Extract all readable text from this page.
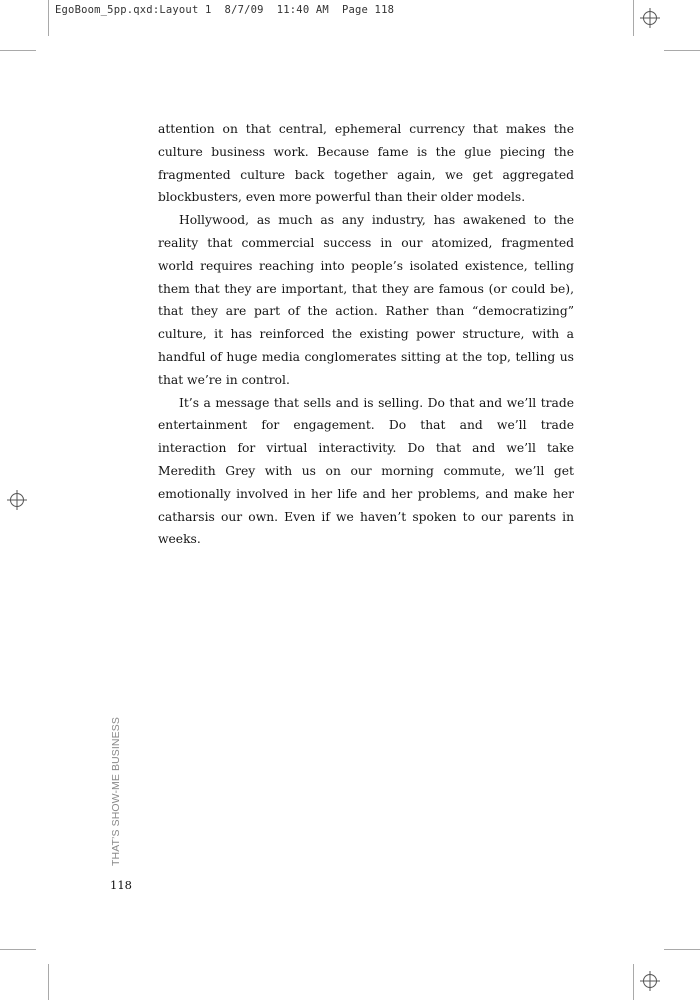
EgoBoom_5pp.qxd:Layout 1  8/7/09  11:40 AM  Page 118

attention on that central, ephemeral currency that makes the culture business work. Because fame is the glue piecing the fragmented culture back together again, we get aggregated blockbusters, even more powerful than their older models.

Hollywood, as much as any industry, has awakened to the reality that commercial success in our atomized, fragmented world requires reaching into people’s isolated existence, telling them that they are important, that they are famous (or could be), that they are part of the action. Rather than “democratizing” culture, it has reinforced the existing power structure, with a handful of huge media conglomerates sitting at the top, telling us that we’re in control.

It’s a message that sells and is selling. Do that and we’ll trade entertainment for engagement. Do that and we’ll trade interaction for virtual interactivity. Do that and we’ll take Meredith Grey with us on our morning commute, we’ll get emotionally involved in her life and her problems, and make her catharsis our own. Even if we haven’t spoken to our parents in weeks.

THAT’S SHOW-ME BUSINESS
118
